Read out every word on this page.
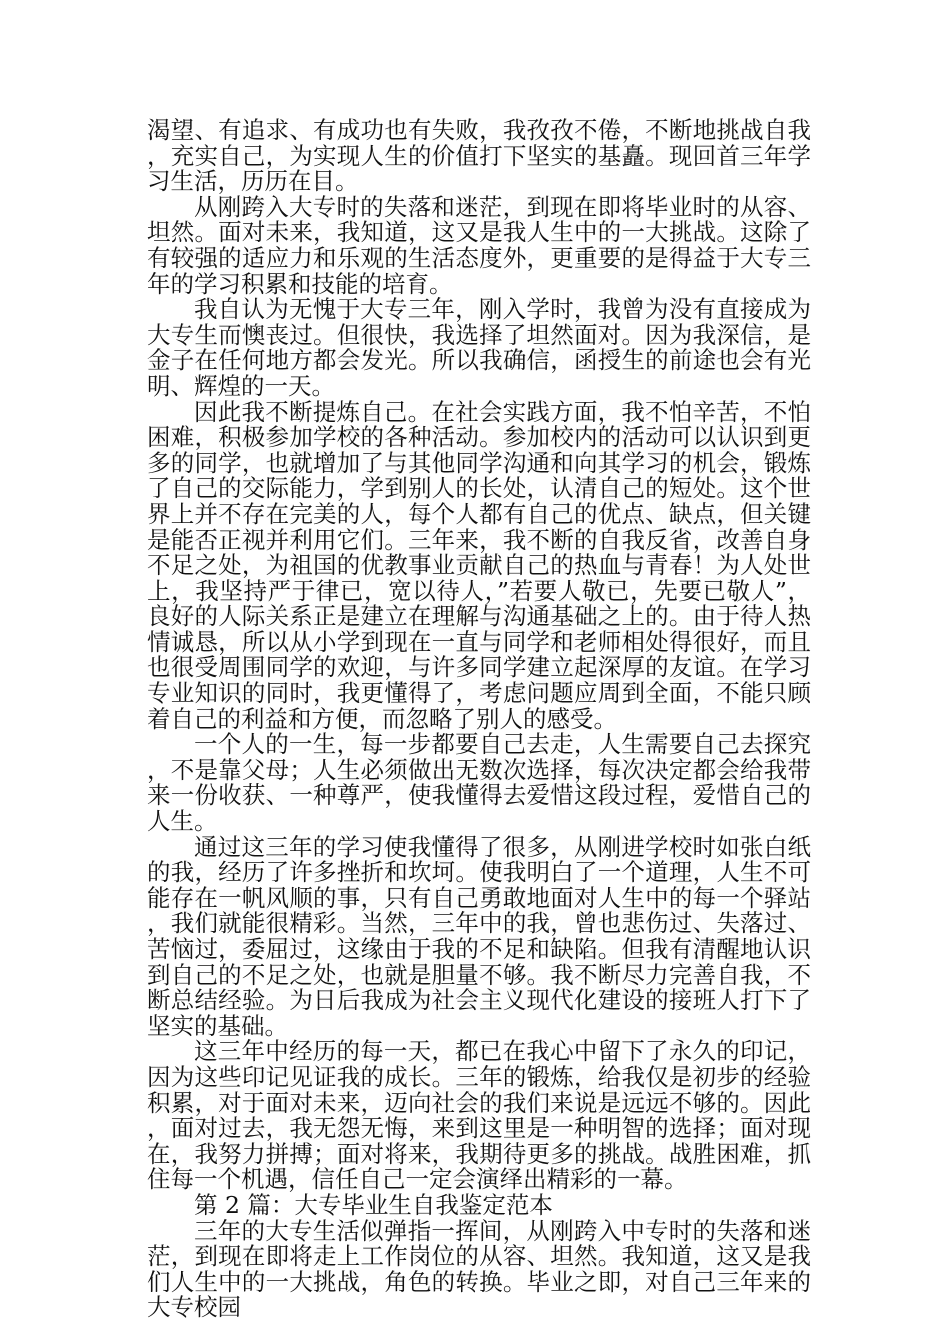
渴望、有追求、有成功也有失败，我孜孜不倦，不断地挑战自我，充实自己，为实现人生的价值打下坚实的基矗。现回首三年学习生活，历历在目。

从刚跨入大专时的失落和迷茫，到现在即将毕业时的从容、坦然。面对未来，我知道，这又是我人生中的一大挑战。这除了有较强的适应力和乐观的生活态度外，更重要的是得益于大专三年的学习积累和技能的培育。

我自认为无愧于大专三年，刚入学时，我曾为没有直接成为大专生而懊丧过。但很快，我选择了坦然面对。因为我深信，是金子在任何地方都会发光。所以我确信，函授生的前途也会有光明、辉煌的一天。

因此我不断提炼自己。在社会实践方面，我不怕辛苦，不怕困难，积极参加学校的各种活动。参加校内的活动可以认识到更多的同学，也就增加了与其他同学沟通和向其学习的机会，锻炼了自己的交际能力，学到别人的长处，认清自己的短处。这个世界上并不存在完美的人，每个人都有自己的优点、缺点，但关键是能否正视并利用它们。三年来，我不断的自我反省，改善自身不足之处，为祖国的优教事业贡献自己的热血与青春！为人处世上，我坚持严于律已，宽以待人，”若要人敬已，先要已敬人”，良好的人际关系正是建立在理解与沟通基础之上的。由于待人热情诚恳，所以从小学到现在一直与同学和老师相处得很好，而且也很受周围同学的欢迎，与许多同学建立起深厚的友谊。在学习专业知识的同时，我更懂得了，考虑问题应周到全面，不能只顾着自己的利益和方便，而忽略了别人的感受。

一个人的一生，每一步都要自己去走，人生需要自己去探究，不是靠父母；人生必须做出无数次选择，每次决定都会给我带来一份收获、一种尊严，使我懂得去爱惜这段过程，爱惜自己的人生。

通过这三年的学习使我懂得了很多，从刚进学校时如张白纸的我，经历了许多挫折和坎坷。使我明白了一个道理，人生不可能存在一帆风顺的事，只有自己勇敢地面对人生中的每一个驿站，我们就能很精彩。当然，三年中的我，曾也悲伤过、失落过、苦恼过，委屈过，这缘由于我的不足和缺陷。但我有清醒地认识到自己的不足之处，也就是胆量不够。我不断尽力完善自我，不断总结经验。为日后我成为社会主义现代化建设的接班人打下了坚实的基础。

这三年中经历的每一天，都已在我心中留下了永久的印记，因为这些印记见证我的成长。三年的锻炼，给我仅是初步的经验积累，对于面对未来，迈向社会的我们来说是远远不够的。因此，面对过去，我无怨无悔，来到这里是一种明智的选择；面对现在，我努力拼搏；面对将来，我期待更多的挑战。战胜困难，抓住每一个机遇，信任自己一定会演绎出精彩的一幕。

第 2 篇：大专毕业生自我鉴定范本

三年的大专生活似弹指一挥间，从刚跨入中专时的失落和迷茫，到现在即将走上工作岗位的从容、坦然。我知道，这又是我们人生中的一大挑战，角色的转换。毕业之即，对自己三年来的大专校园
